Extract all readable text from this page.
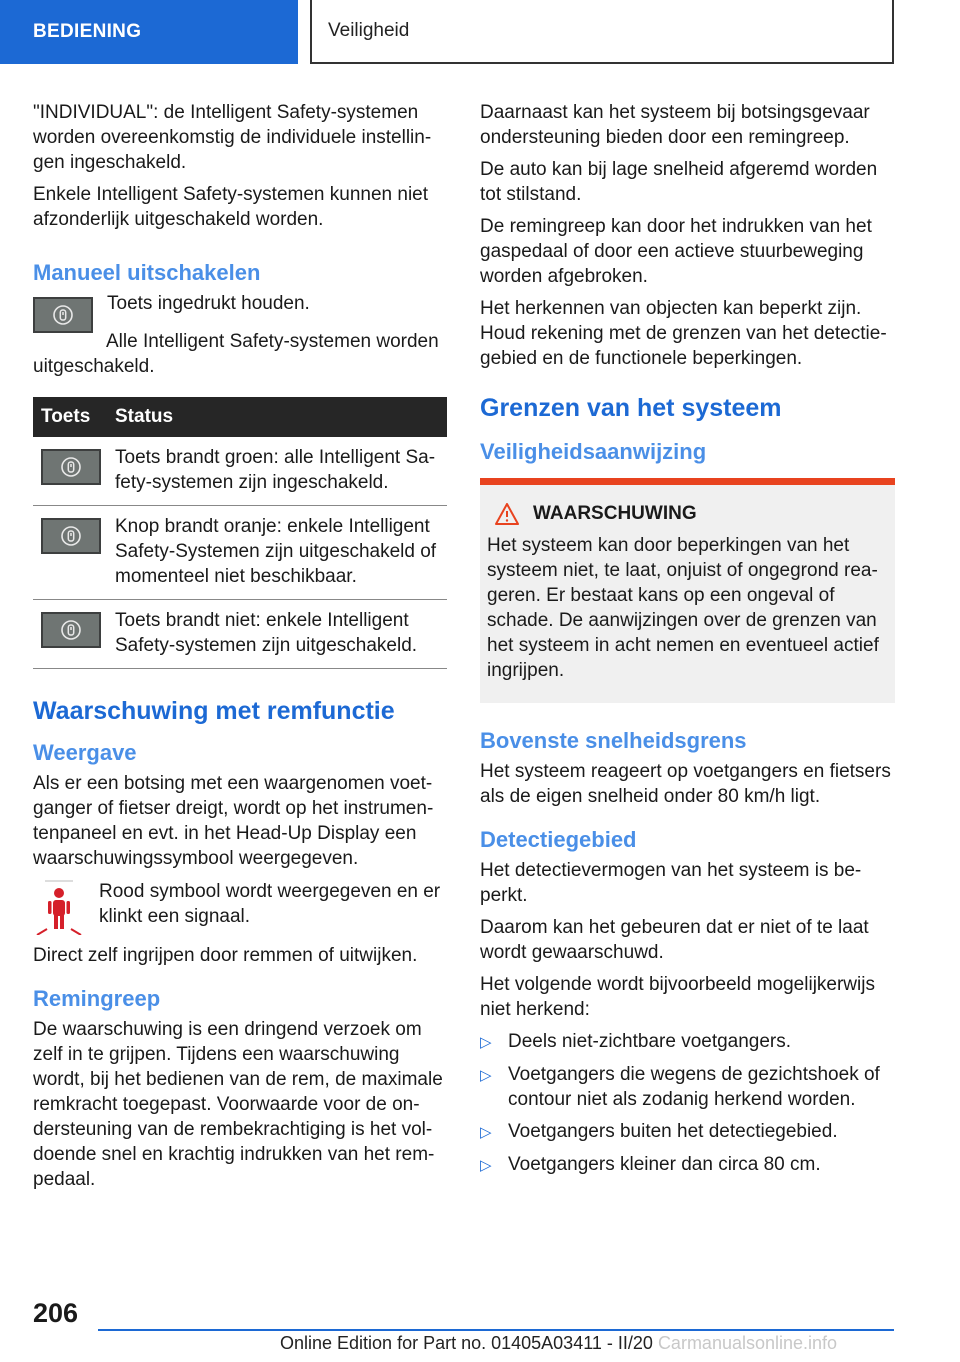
BEDIENING	Veiligheid

"INDIVIDUAL": de Intelligent Safety-systemen worden overeenkomstig de individuele instellingen ingeschakeld.

Enkele Intelligent Safety-systemen kunnen niet afzonderlijk uitgeschakeld worden.

Manueel uitschakelen

Toets ingedrukt houden.

Alle Intelligent Safety-systemen worden uitgeschakeld.

Toets	Status

	Toets brandt groen: alle Intelligent Safety-systemen zijn ingeschakeld.

	Knop brandt oranje: enkele Intelligent Safety-Systemen zijn uitgeschakeld of momenteel niet beschikbaar.

	Toets brandt niet: enkele Intelligent Safety-systemen zijn uitgeschakeld.
Waarschuwing met remfunctie
Weergave

Als er een botsing met een waargenomen voetganger of fietser dreigt, wordt op het instrumentenpaneel en evt. in het Head-Up Display een waarschuwingssymbool weergegeven.

Rood symbool wordt weergegeven en er klinkt een signaal.

Direct zelf ingrijpen door remmen of uitwijken.

Remingreep

De waarschuwing is een dringend verzoek om zelf in te grijpen. Tijdens een waarschuwing wordt, bij het bedienen van de rem, de maximale remkracht toegepast. Voorwaarde voor de ondersteuning van de rembekrachtiging is het voldoende snel en krachtig indrukken van het rempedaal.

Daarnaast kan het systeem bij botsingsgevaar ondersteuning bieden door een remingreep.

De auto kan bij lage snelheid afgeremd worden tot stilstand.

De remingreep kan door het indrukken van het gaspedaal of door een actieve stuurbeweging worden afgebroken.

Het herkennen van objecten kan beperkt zijn. Houd rekening met de grenzen van het detectiegebied en de functionele beperkingen.

Grenzen van het systeem
Veiligheidsaanwijzing
WAARSCHUWING

Het systeem kan door beperkingen van het systeem niet, te laat, onjuist of ongegrond reageren. Er bestaat kans op een ongeval of schade. De aanwijzingen over de grenzen van het systeem in acht nemen en eventueel actief ingrijpen.

Bovenste snelheidsgrens

Het systeem reageert op voetgangers en fietsers als de eigen snelheid onder 80 km/h ligt.

Detectiegebied

Het detectievermogen van het systeem is beperkt.

Daarom kan het gebeuren dat er niet of te laat wordt gewaarschuwd.

Het volgende wordt bijvoorbeeld mogelijkerwijs niet herkend:

▷ Deels niet-zichtbare voetgangers.
▷ Voetgangers die wegens de gezichtshoek of contour niet als zodanig herkend worden.
▷ Voetgangers buiten het detectiegebied.
▷ Voetgangers kleiner dan circa 80 cm.
206
Online Edition for Part no. 01405A03411 - II/20 Carmanualsonline.info
